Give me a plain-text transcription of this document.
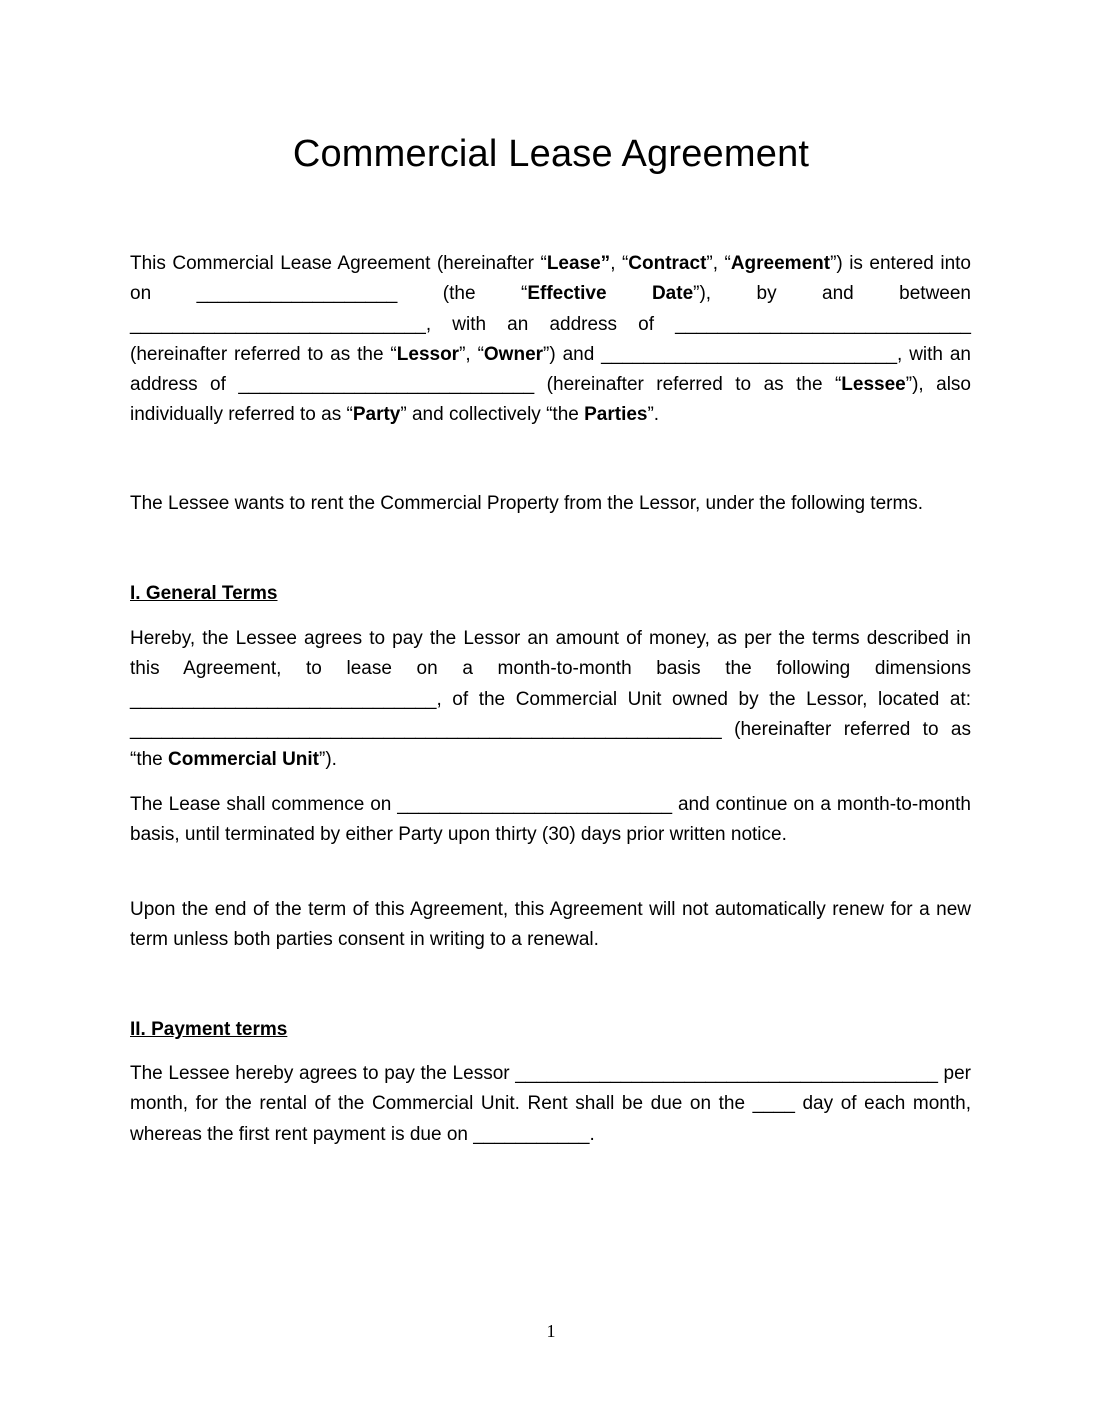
Commercial Lease Agreement

This Commercial Lease Agreement (hereinafter “Lease”, “Contract”, “Agreement”) is entered into on ___________________ (the “Effective Date”), by and between ____________________________, with an address of ____________________________ (hereinafter referred to as the “Lessor”, “Owner”) and ____________________________, with an address of ____________________________ (hereinafter referred to as the “Lessee”), also individually referred to as “Party” and collectively “the Parties”.

The Lessee wants to rent the Commercial Property from the Lessor, under the following terms.

I. General Terms

Hereby, the Lessee agrees to pay the Lessor an amount of money, as per the terms described in this Agreement, to lease on a month-to-month basis the following dimensions _____________________________, of the Commercial Unit owned by the Lessor, located at: ________________________________________________________ (hereinafter referred to as “the Commercial Unit”).

The Lease shall commence on __________________________ and continue on a month-to-month basis, until terminated by either Party upon thirty (30) days prior written notice.

Upon the end of the term of this Agreement, this Agreement will not automatically renew for a new term unless both parties consent in writing to a renewal.

II. Payment terms

The Lessee hereby agrees to pay the Lessor ________________________________________ per month, for the rental of the Commercial Unit. Rent shall be due on the ____ day of each month, whereas the first rent payment is due on ___________.

1
